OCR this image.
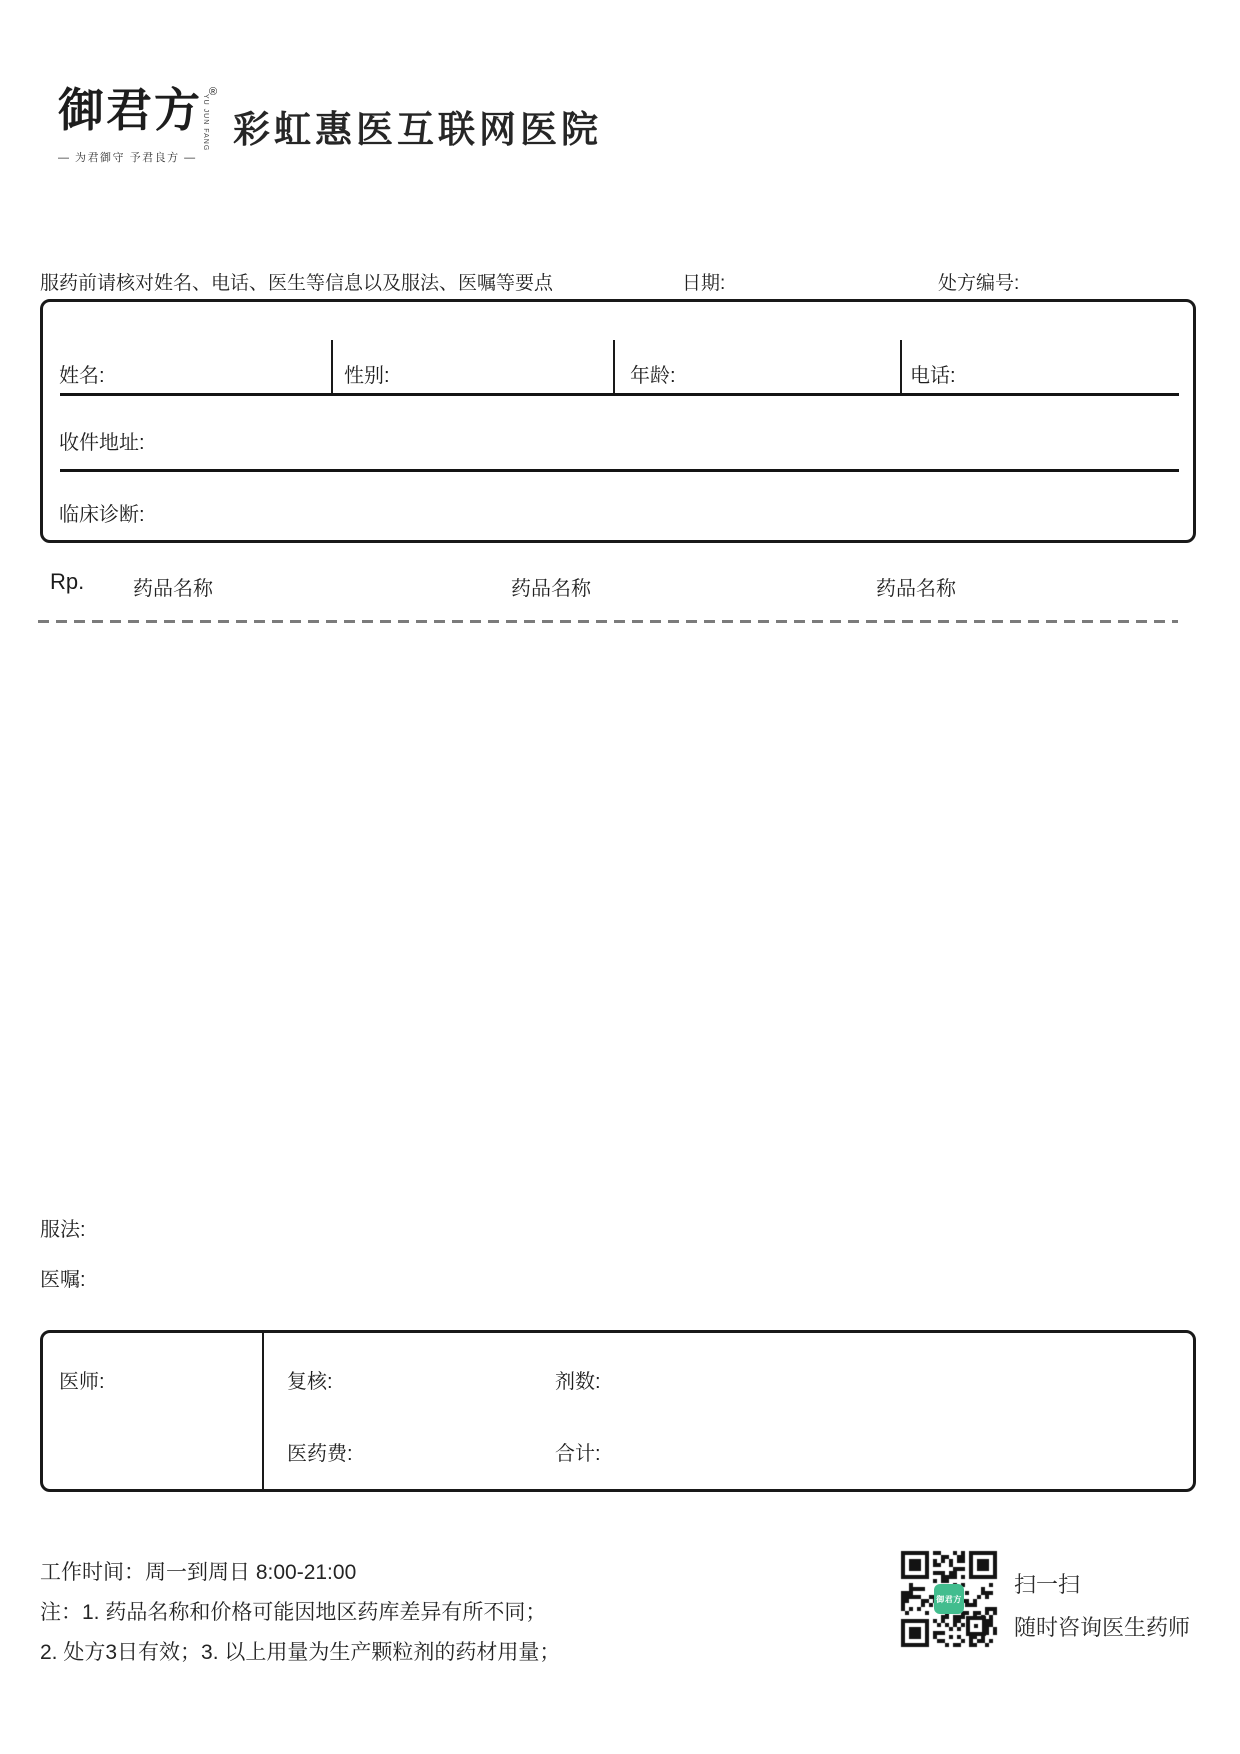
御君方 YU JUN FANG
®
— 为君御守 予君良方 —
彩虹惠医互联网医院
服药前请核对姓名、电话、医生等信息以及服法、医嘱等要点	日期:	处方编号:
姓名:	性别:	年龄:	电话:
收件地址:
临床诊断:
Rp. 药品名称	药品名称	药品名称
服法:
医嘱:
医师:	复核:	剂数:
医药费:	合计:
工作时间：周一到周日 8:00-21:00
注：1. 药品名称和价格可能因地区药库差异有所不同；
2. 处方3日有效；3. 以上用量为生产颗粒剂的药材用量；
御君方
扫一扫
随时咨询医生药师
